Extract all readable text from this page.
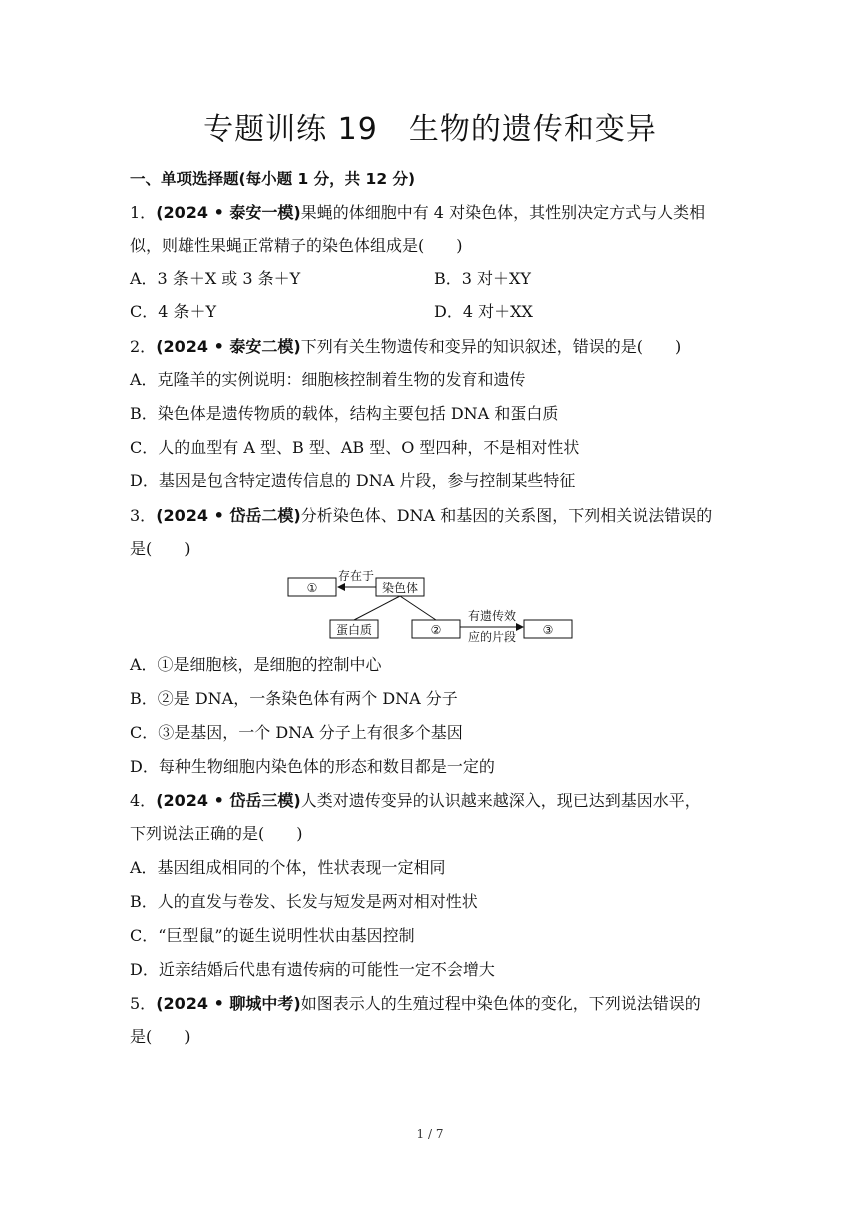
专题训练 19　生物的遗传和变异
一、单项选择题(每小题 1 分，共 12 分)
1．(2024 • 泰安一模)果蝇的体细胞中有 4 对染色体，其性别决定方式与人类相
似，则雄性果蝇正常精子的染色体组成是(　　)
A．3 条＋X 或 3 条＋Y	B．3 对＋XY
C．4 条＋Y	D．4 对＋XX
2．(2024 • 泰安二模)下列有关生物遗传和变异的知识叙述，错误的是(　　)
A．克隆羊的实例说明：细胞核控制着生物的发育和遗传
B．染色体是遗传物质的载体，结构主要包括 DNA 和蛋白质
C．人的血型有 A 型、B 型、AB 型、O 型四种，不是相对性状
D．基因是包含特定遗传信息的 DNA 片段，参与控制某些特征
3．(2024 • 岱岳二模)分析染色体、DNA 和基因的关系图，下列相关说法错误的
是(　　)
①
存在于
染色体
蛋白质	②
有遗传效
应的片段 ③
A．①是细胞核，是细胞的控制中心
B．②是 DNA，一条染色体有两个 DNA 分子
C．③是基因，一个 DNA 分子上有很多个基因
D．每种生物细胞内染色体的形态和数目都是一定的
4．(2024 • 岱岳三模)人类对遗传变异的认识越来越深入，现已达到基因水平，
下列说法正确的是(　　)
A．基因组成相同的个体，性状表现一定相同
B．人的直发与卷发、长发与短发是两对相对性状
C．“巨型鼠”的诞生说明性状由基因控制
D．近亲结婚后代患有遗传病的可能性一定不会增大
5．(2024 • 聊城中考)如图表示人的生殖过程中染色体的变化，下列说法错误的
是(　　)
1 / 7
